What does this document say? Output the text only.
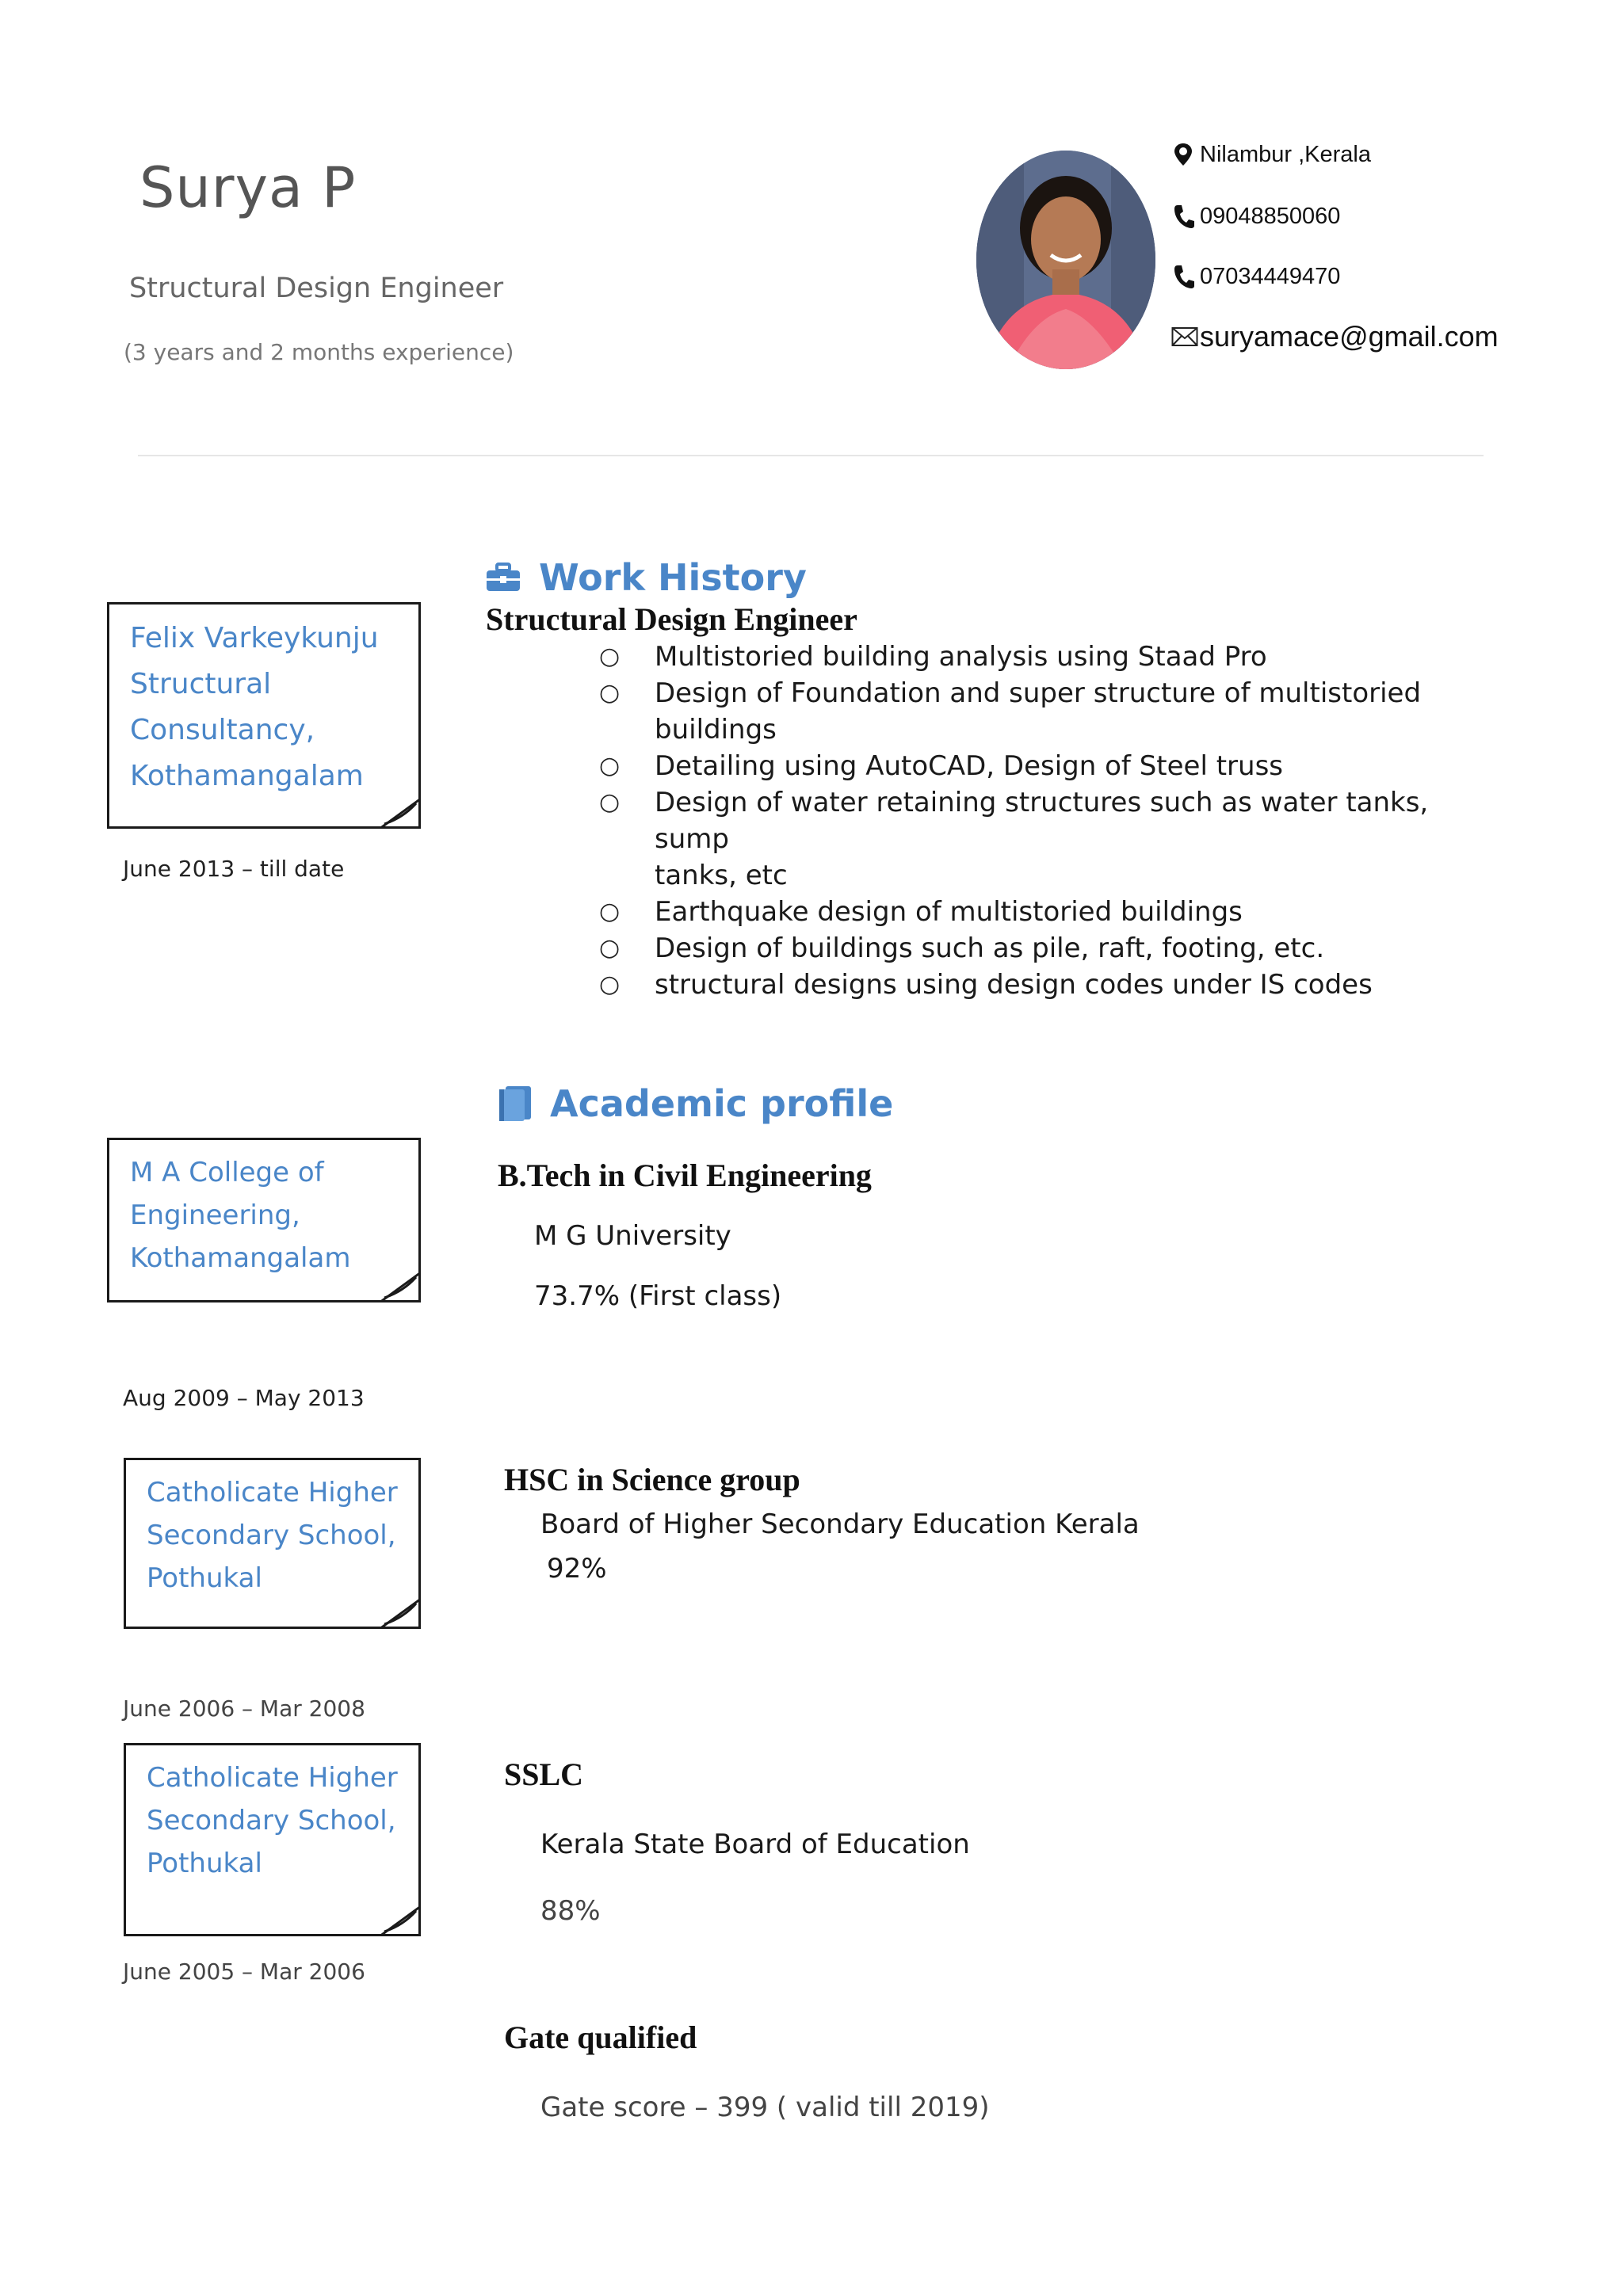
Surya P
Structural Design Engineer
(3 years and 2 months experience)
Nilambur ,Kerala
09048850060
07034449470
suryamace@gmail.com
Work History
Felix Varkeykunju
Structural
Consultancy,
Kothamangalam
June 2013 – till date
Structural Design Engineer
○ Multistoried building analysis using Staad Pro
○ Design of Foundation and super structure of multistoried buildings
○ Detailing using AutoCAD, Design of Steel truss
○ Design of water retaining structures such as water tanks, sump
tanks, etc
○ Earthquake design of multistoried buildings
○ Design of buildings such as pile, raft, footing, etc.
○ structural designs using design codes under IS codes
Academic profile
M A College of
Engineering,
Kothamangalam
Aug 2009 – May 2013
B.Tech in Civil Engineering
M G University
73.7% (First class)
Catholicate Higher
Secondary School,
Pothukal
June 2006 – Mar 2008
HSC in Science group
Board of Higher Secondary Education Kerala
92%
Catholicate Higher
Secondary School,
Pothukal
June 2005 – Mar 2006
SSLC
Kerala State Board of Education
88%
Gate qualified
Gate score – 399 ( valid till 2019)
